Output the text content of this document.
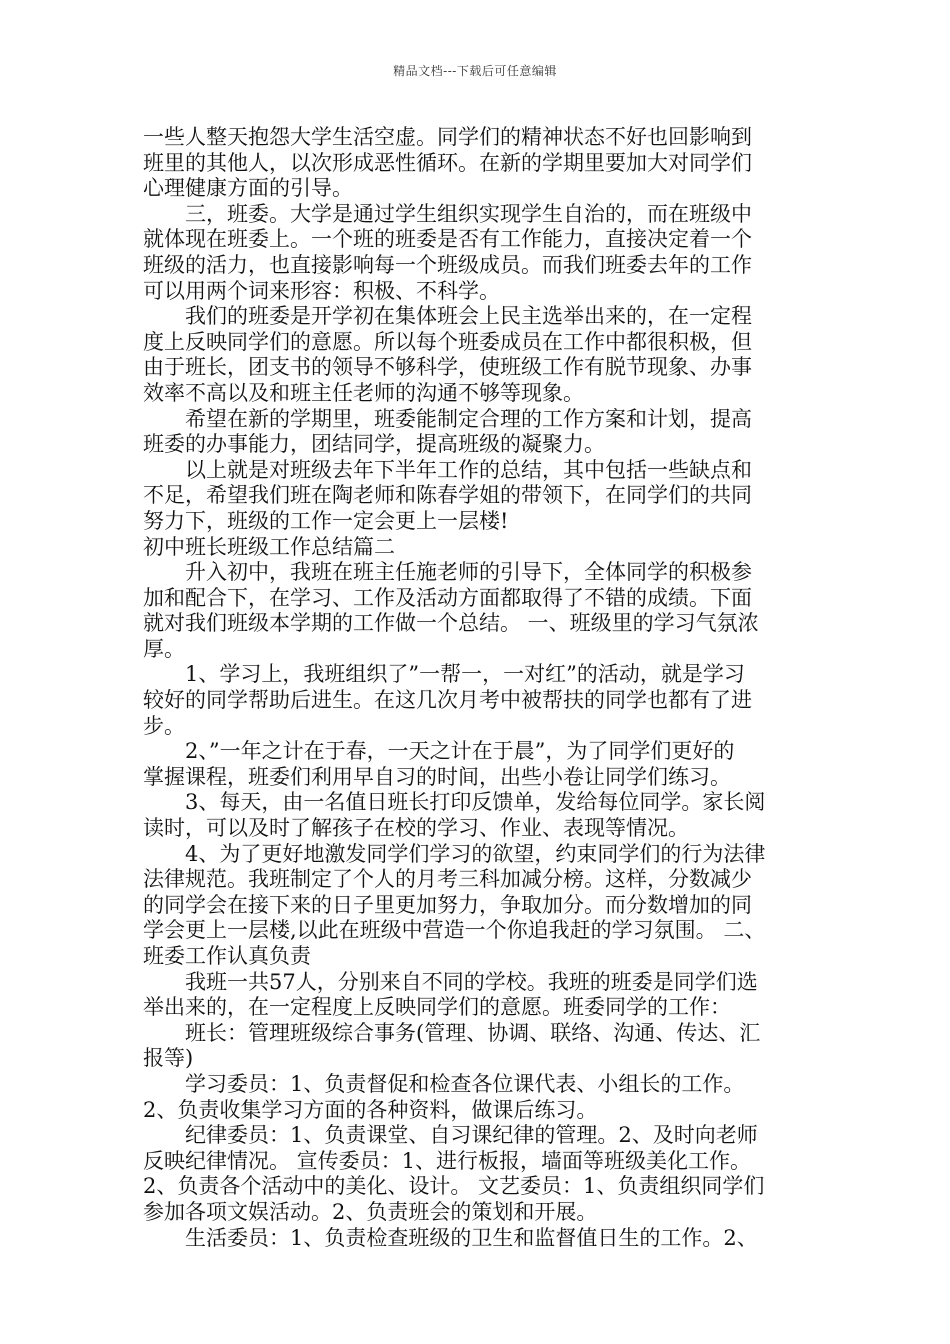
精品文档---下载后可任意编辑
一些人整天抱怨大学生活空虚。同学们的精神状态不好也回影响到
班里的其他人，以次形成恶性循环。在新的学期里要加大对同学们
心理健康方面的引导。
　　三，班委。大学是通过学生组织实现学生自治的，而在班级中
就体现在班委上。一个班的班委是否有工作能力，直接决定着一个
班级的活力，也直接影响每一个班级成员。而我们班委去年的工作
可以用两个词来形容：积极、不科学。
　　我们的班委是开学初在集体班会上民主选举出来的，在一定程
度上反映同学们的意愿。所以每个班委成员在工作中都很积极，但
由于班长，团支书的领导不够科学，使班级工作有脱节现象、办事
效率不高以及和班主任老师的沟通不够等现象。
　　希望在新的学期里，班委能制定合理的工作方案和计划，提高
班委的办事能力，团结同学，提高班级的凝聚力。
　　以上就是对班级去年下半年工作的总结，其中包括一些缺点和
不足，希望我们班在陶老师和陈春学姐的带领下，在同学们的共同
努力下，班级的工作一定会更上一层楼!
初中班长班级工作总结篇二
　　升入初中，我班在班主任施老师的引导下，全体同学的积极参
加和配合下，在学习、工作及活动方面都取得了不错的成绩。下面
就对我们班级本学期的工作做一个总结。 一、班级里的学习气氛浓
厚。
　　1、学习上，我班组织了”一帮一，一对红”的活动，就是学习
较好的同学帮助后进生。在这几次月考中被帮扶的同学也都有了进
步。
　　2、”一年之计在于春，一天之计在于晨”，为了同学们更好的
掌握课程，班委们利用早自习的时间，出些小卷让同学们练习。
　　3、每天，由一名值日班长打印反馈单，发给每位同学。家长阅
读时，可以及时了解孩子在校的学习、作业、表现等情况。
　　4、为了更好地激发同学们学习的欲望，约束同学们的行为法律
法律规范。我班制定了个人的月考三科加减分榜。这样，分数减少
的同学会在接下来的日子里更加努力，争取加分。而分数增加的同
学会更上一层楼,以此在班级中营造一个你追我赶的学习氛围。 二、
班委工作认真负责
　　我班一共57人，分别来自不同的学校。我班的班委是同学们选
举出来的，在一定程度上反映同学们的意愿。班委同学的工作：
　　班长：管理班级综合事务(管理、协调、联络、沟通、传达、汇
报等)
　　学习委员：1、负责督促和检查各位课代表、小组长的工作。
2、负责收集学习方面的各种资料，做课后练习。
　　纪律委员：1、负责课堂、自习课纪律的管理。2、及时向老师
反映纪律情况。 宣传委员：1、进行板报，墙面等班级美化工作。
2、负责各个活动中的美化、设计。 文艺委员：1、负责组织同学们
参加各项文娱活动。2、负责班会的策划和开展。
　　生活委员：1、负责检查班级的卫生和监督值日生的工作。2、
